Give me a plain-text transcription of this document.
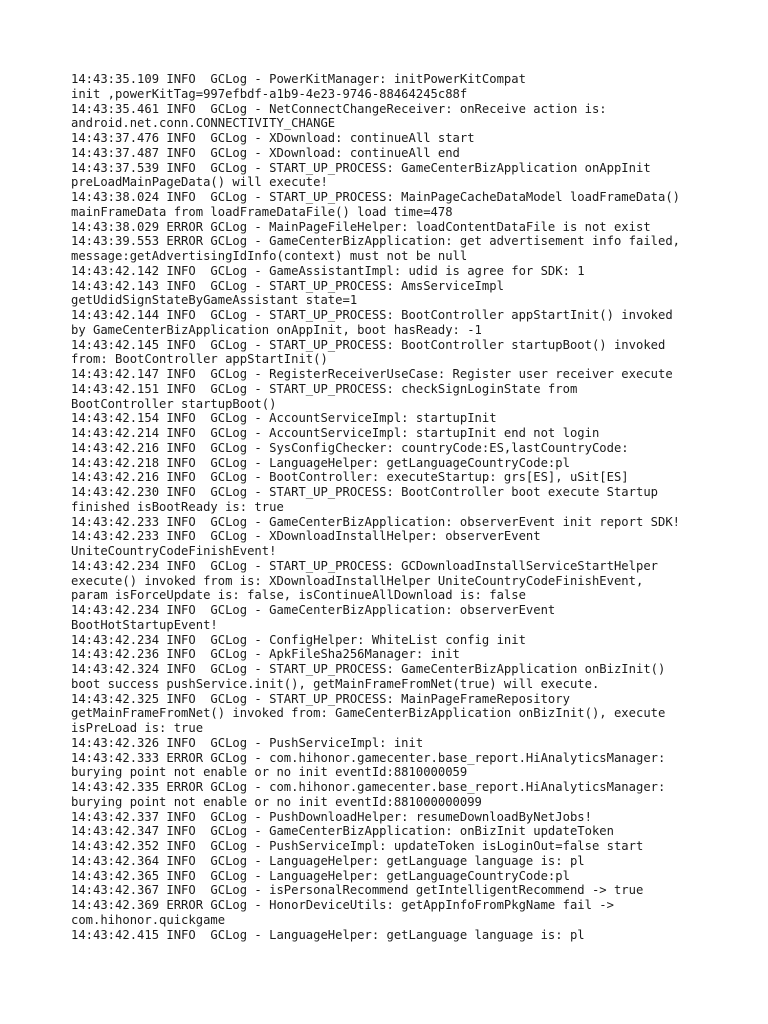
14:43:35.109 INFO  GCLog - PowerKitManager: initPowerKitCompat
init ,powerKitTag=997efbdf-a1b9-4e23-9746-88464245c88f
14:43:35.461 INFO  GCLog - NetConnectChangeReceiver: onReceive action is:
android.net.conn.CONNECTIVITY_CHANGE
14:43:37.476 INFO  GCLog - XDownload: continueAll start
14:43:37.487 INFO  GCLog - XDownload: continueAll end
14:43:37.539 INFO  GCLog - START_UP_PROCESS: GameCenterBizApplication onAppInit
preLoadMainPageData() will execute!
14:43:38.024 INFO  GCLog - START_UP_PROCESS: MainPageCacheDataModel loadFrameData()
mainFrameData from loadFrameDataFile() load time=478
14:43:38.029 ERROR GCLog - MainPageFileHelper: loadContentDataFile is not exist
14:43:39.553 ERROR GCLog - GameCenterBizApplication: get advertisement info failed,
message:getAdvertisingIdInfo(context) must not be null
14:43:42.142 INFO  GCLog - GameAssistantImpl: udid is agree for SDK: 1
14:43:42.143 INFO  GCLog - START_UP_PROCESS: AmsServiceImpl
getUdidSignStateByGameAssistant state=1
14:43:42.144 INFO  GCLog - START_UP_PROCESS: BootController appStartInit() invoked
by GameCenterBizApplication onAppInit, boot hasReady: -1
14:43:42.145 INFO  GCLog - START_UP_PROCESS: BootController startupBoot() invoked
from: BootController appStartInit()
14:43:42.147 INFO  GCLog - RegisterReceiverUseCase: Register user receiver execute
14:43:42.151 INFO  GCLog - START_UP_PROCESS: checkSignLoginState from
BootController startupBoot()
14:43:42.154 INFO  GCLog - AccountServiceImpl: startupInit
14:43:42.214 INFO  GCLog - AccountServiceImpl: startupInit end not login
14:43:42.216 INFO  GCLog - SysConfigChecker: countryCode:ES,lastCountryCode:
14:43:42.218 INFO  GCLog - LanguageHelper: getLanguageCountryCode:pl
14:43:42.216 INFO  GCLog - BootController: executeStartup: grs[ES], uSit[ES]
14:43:42.230 INFO  GCLog - START_UP_PROCESS: BootController boot execute Startup
finished isBootReady is: true
14:43:42.233 INFO  GCLog - GameCenterBizApplication: observerEvent init report SDK!
14:43:42.233 INFO  GCLog - XDownloadInstallHelper: observerEvent
UniteCountryCodeFinishEvent!
14:43:42.234 INFO  GCLog - START_UP_PROCESS: GCDownloadInstallServiceStartHelper
execute() invoked from is: XDownloadInstallHelper UniteCountryCodeFinishEvent,
param isForceUpdate is: false, isContinueAllDownload is: false
14:43:42.234 INFO  GCLog - GameCenterBizApplication: observerEvent
BootHotStartupEvent!
14:43:42.234 INFO  GCLog - ConfigHelper: WhiteList config init
14:43:42.236 INFO  GCLog - ApkFileSha256Manager: init
14:43:42.324 INFO  GCLog - START_UP_PROCESS: GameCenterBizApplication onBizInit()
boot success pushService.init(), getMainFrameFromNet(true) will execute.
14:43:42.325 INFO  GCLog - START_UP_PROCESS: MainPageFrameRepository
getMainFrameFromNet() invoked from: GameCenterBizApplication onBizInit(), execute
isPreLoad is: true
14:43:42.326 INFO  GCLog - PushServiceImpl: init
14:43:42.333 ERROR GCLog - com.hihonor.gamecenter.base_report.HiAnalyticsManager:
burying point not enable or no init eventId:8810000059
14:43:42.335 ERROR GCLog - com.hihonor.gamecenter.base_report.HiAnalyticsManager:
burying point not enable or no init eventId:881000000099
14:43:42.337 INFO  GCLog - PushDownloadHelper: resumeDownloadByNetJobs!
14:43:42.347 INFO  GCLog - GameCenterBizApplication: onBizInit updateToken
14:43:42.352 INFO  GCLog - PushServiceImpl: updateToken isLoginOut=false start
14:43:42.364 INFO  GCLog - LanguageHelper: getLanguage language is: pl
14:43:42.365 INFO  GCLog - LanguageHelper: getLanguageCountryCode:pl
14:43:42.367 INFO  GCLog - isPersonalRecommend getIntelligentRecommend -> true
14:43:42.369 ERROR GCLog - HonorDeviceUtils: getAppInfoFromPkgName fail ->
com.hihonor.quickgame
14:43:42.415 INFO  GCLog - LanguageHelper: getLanguage language is: pl
